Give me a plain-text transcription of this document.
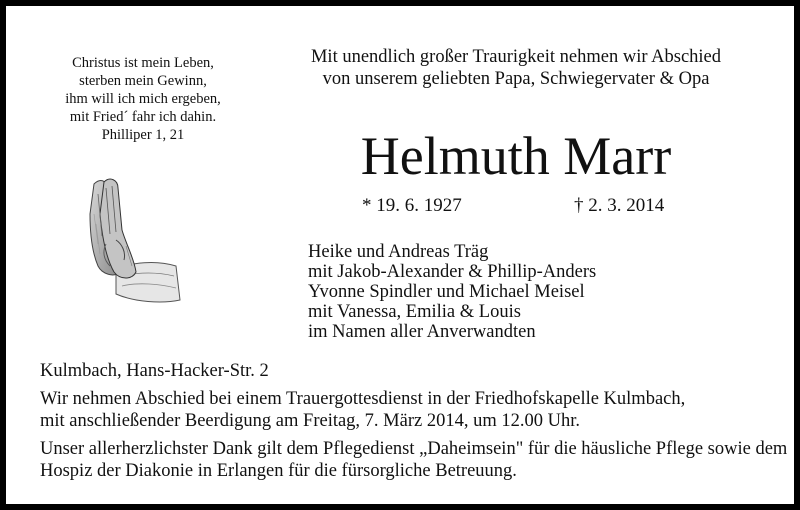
Christus ist mein Leben,
sterben mein Gewinn,
ihm will ich mich ergeben,
mit Fried´ fahr ich dahin.
Philliper 1, 21
Mit unendlich großer Traurigkeit nehmen wir Abschied
von unserem geliebten Papa, Schwiegervater & Opa
Helmuth Marr
* 19. 6. 1927	† 2. 3. 2014
Heike und Andreas Träg
mit Jakob-Alexander & Phillip-Anders
Yvonne Spindler und Michael Meisel
mit Vanessa, Emilia & Louis
im Namen aller Anverwandten
Kulmbach, Hans-Hacker-Str. 2
Wir nehmen Abschied bei einem Trauergottesdienst in der Friedhofskapelle Kulmbach,
mit anschließender Beerdigung am Freitag, 7. März 2014, um 12.00 Uhr.
Unser allerherzlichster Dank gilt dem Pflegedienst „Daheimsein" für die häusliche Pflege sowie dem
Hospiz der Diakonie in Erlangen für die fürsorgliche Betreuung.
